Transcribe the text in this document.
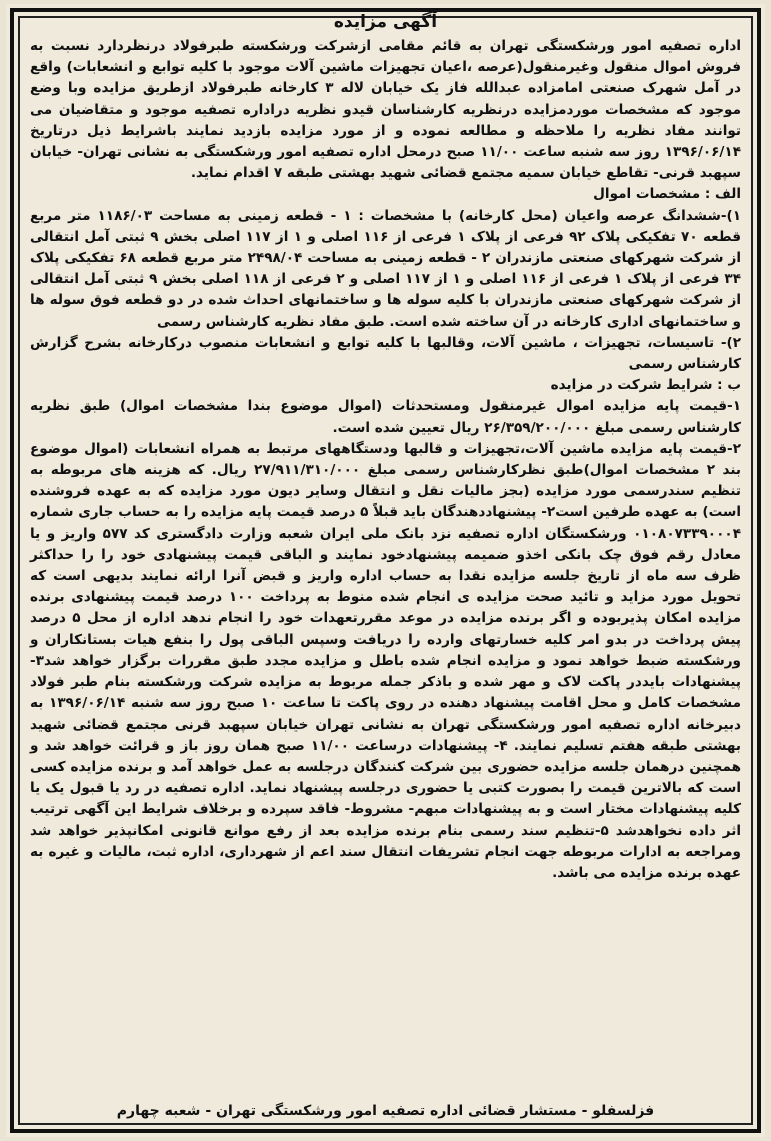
آگهی مزایده

اداره تصفیه امور ورشکستگی تهران به قائم مقامی ازشرکت ورشکسته طبرفولاد درنظردارد نسبت به فروش اموال منقول وغیرمنقول(عرصه ،اعیان تجهیزات ماشین آلات موجود با کلیه توابع و انشعابات) واقع در آمل شهرک صنعتی امامزاده عبدالله فاز یک خیابان لاله ۳ کارخانه طبرفولاد ازطریق مزایده وبا وضع موجود که مشخصات موردمزایده درنظریه کارشناسان قیدو نظریه دراداره تصفیه موجود و متقاضیان می توانند مفاد نظریه را ملاحظه و مطالعه نموده و از مورد مزایده بازدید نمایند باشرایط ذیل درتاریخ ۱۳۹۶/۰۶/۱۴ روز سه شنبه ساعت ۱۱/۰۰ صبح درمحل اداره تصفیه امور ورشکستگی به نشانی تهران- خیابان سپهبد قرنی- تقاطع خیابان سمیه مجتمع قضائی شهید بهشتی طبقه ۷ اقدام نماید.

الف : مشخصات اموال

۱)-ششدانگ عرصه واعیان (محل کارخانه) با مشخصات : ۱ - قطعه زمینی به مساحت ۱۱۸۶/۰۳ متر مربع قطعه ۷۰ تفکیکی پلاک ۹۲ فرعی از پلاک ۱ فرعی از ۱۱۶ اصلی و ۱ از ۱۱۷ اصلی بخش ۹ ثبتی آمل انتقالی از شرکت شهرکهای صنعتی مازندران ۲ - قطعه زمینی به مساحت ۲۴۹۸/۰۴ متر مربع قطعه ۶۸ تفکیکی پلاک ۳۴ فرعی از پلاک ۱ فرعی از ۱۱۶ اصلی و ۱ از ۱۱۷ اصلی و ۲ فرعی از ۱۱۸ اصلی بخش ۹ ثبتی آمل انتقالی از شرکت شهرکهای صنعتی مازندران با کلیه سوله ها و ساختمانهای احداث شده در دو قطعه فوق سوله ها و ساختمانهای اداری کارخانه در آن ساخته شده است. طبق مفاد نظریه کارشناس رسمی

۲)- تاسیسات، تجهیزات ، ماشین آلات، وقالبها با کلیه توابع و انشعابات منصوب درکارخانه بشرح گزارش کارشناس رسمی

ب : شرایط شرکت در مزایده

۱-قیمت پایه مزایده اموال غیرمنقول ومستحدثات (اموال موضوع بندا مشخصات اموال) طبق نظریه کارشناس رسمی مبلغ ۲۶/۳۵۹/۲۰۰/۰۰۰ ریال تعیین شده است.

۲-قیمت پایه مزایده ماشین آلات،تجهیزات و قالبها ودستگاههای مرتبط به همراه انشعابات (اموال موضوع بند ۲ مشخصات اموال)طبق نظرکارشناس رسمی مبلغ ۲۷/۹۱۱/۳۱۰/۰۰۰ ریال. که هزینه های مربوطه به تنظیم سندرسمی مورد مزایده (بجز مالیات نقل و انتقال وسایر دیون مورد مزایده که به عهده فروشنده است) به عهده طرفین است۲- پیشنهاددهندگان باید قبلاً ۵ درصد قیمت پایه مزایده را به حساب جاری شماره ۰۱۰۸۰۷۳۳۹۰۰۰۴ ورشکستگان اداره تصفیه نزد بانک ملی ایران شعبه وزارت دادگستری کد ۵۷۷ واریز و یا معادل رقم فوق چک بانکی اخذو ضمیمه پیشنهادخود نمایند و الباقی قیمت پیشنهادی خود را را حداکثر ظرف سه ماه از تاریخ جلسه مزایده نقدا به حساب اداره واریز و قبض آنرا ارائه نمایند بدیهی است که تحویل مورد مزاید و تائید صحت مزایده ی انجام شده منوط به پرداخت ۱۰۰ درصد قیمت پیشنهادی برنده مزایده امکان پذیربوده و اگر برنده مزایده در موعد مقررتعهدات خود را انجام ندهد اداره از محل ۵ درصد پیش پرداخت در بدو امر کلیه خسارتهای وارده را دریافت وسپس الباقی پول را بنفع هیات بستانکاران و ورشکسته ضبط خواهد نمود و مزایده انجام شده باطل و مزایده مجدد طبق مقررات برگزار خواهد شد۳- پیشنهادات بایددر پاکت لاک و مهر شده و باذکر جمله مربوط به مزایده شرکت ورشکسته بنام طبر فولاد مشخصات کامل و محل اقامت پیشنهاد دهنده در روی پاکت تا ساعت ۱۰ صبح روز سه شنبه ۱۳۹۶/۰۶/۱۴ به دبیرخانه اداره تصفیه امور ورشکستگی تهران به نشانی تهران خیابان سپهبد قرنی مجتمع قضائی شهید بهشتی طبقه هفتم تسلیم نمایند. ۴- پیشنهادات درساعت ۱۱/۰۰ صبح همان روز باز و قرائت خواهد شد و همچنین درهمان جلسه مزایده حضوری بین شرکت کنندگان درجلسه به عمل خواهد آمد و برنده مزایده کسی است که بالاترین قیمت را بصورت کتبی یا حضوری درجلسه پیشنهاد نماید. اداره تصفیه در رد یا قبول یک یا کلیه پیشنهادات مختار است و به پیشنهادات مبهم- مشروط- فاقد سپرده و برخلاف شرایط این آگهی ترتیب اثر داده نخواهدشد ۵-تنظیم سند رسمی بنام برنده مزایده بعد از رفع موانع قانونی امکانپذیر خواهد شد ومراجعه به ادارات مربوطه جهت انجام تشریفات انتقال سند اعم از شهرداری، اداره ثبت، مالیات و غیره به عهده برنده مزایده می باشد.

فزلسفلو - مستشار قضائی اداره تصفیه امور ورشکستگی تهران - شعبه چهارم
